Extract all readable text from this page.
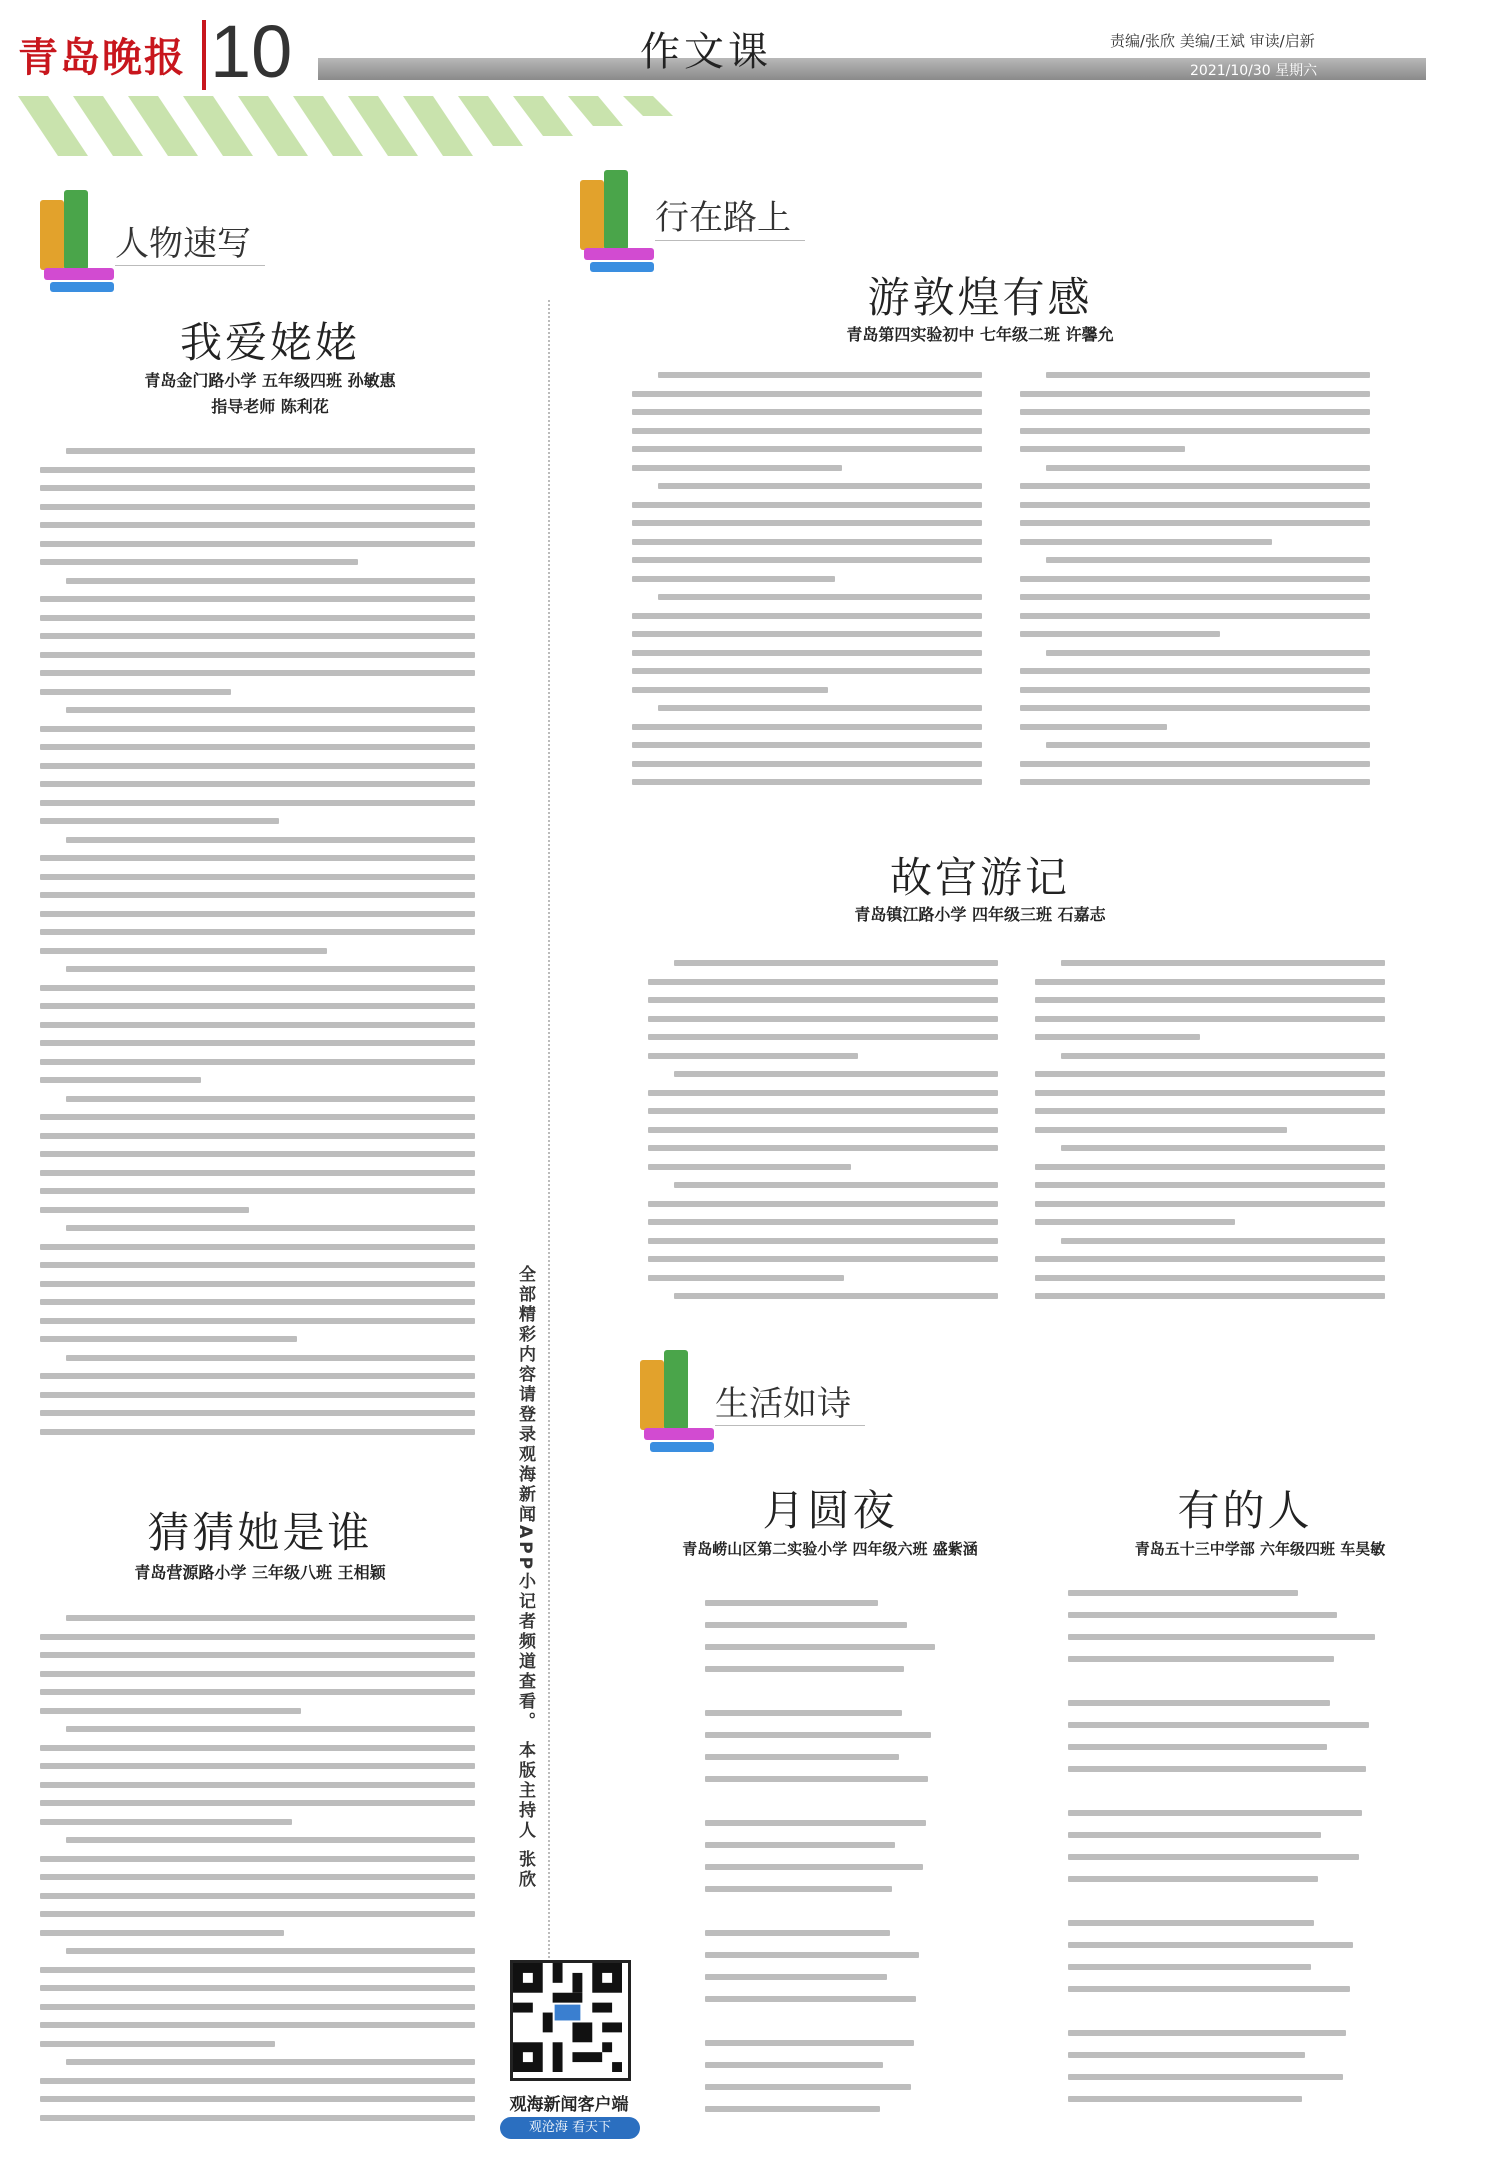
青岛晚报 10	作文课	责编/张欣 美编/王斌 审读/启新
2021/10/30 星期六
人物速写
行在路上
生活如诗
我爱姥姥
青岛金门路小学 五年级四班 孙敏惠
指导老师 陈利花
猜猜她是谁
青岛营源路小学 三年级八班 王相颖
游敦煌有感
青岛第四实验初中 七年级二班 许馨允
故宫游记
青岛镇江路小学 四年级三班 石嘉志
月圆夜
青岛崂山区第二实验小学 四年级六班 盛紫涵
有的人
青岛五十三中学部 六年级四班 车昊敏
全部精彩内容请登录观海新闻APP小记者频道查看。 本版主持人 张欣
观海新闻客户端
观沧海 看天下
